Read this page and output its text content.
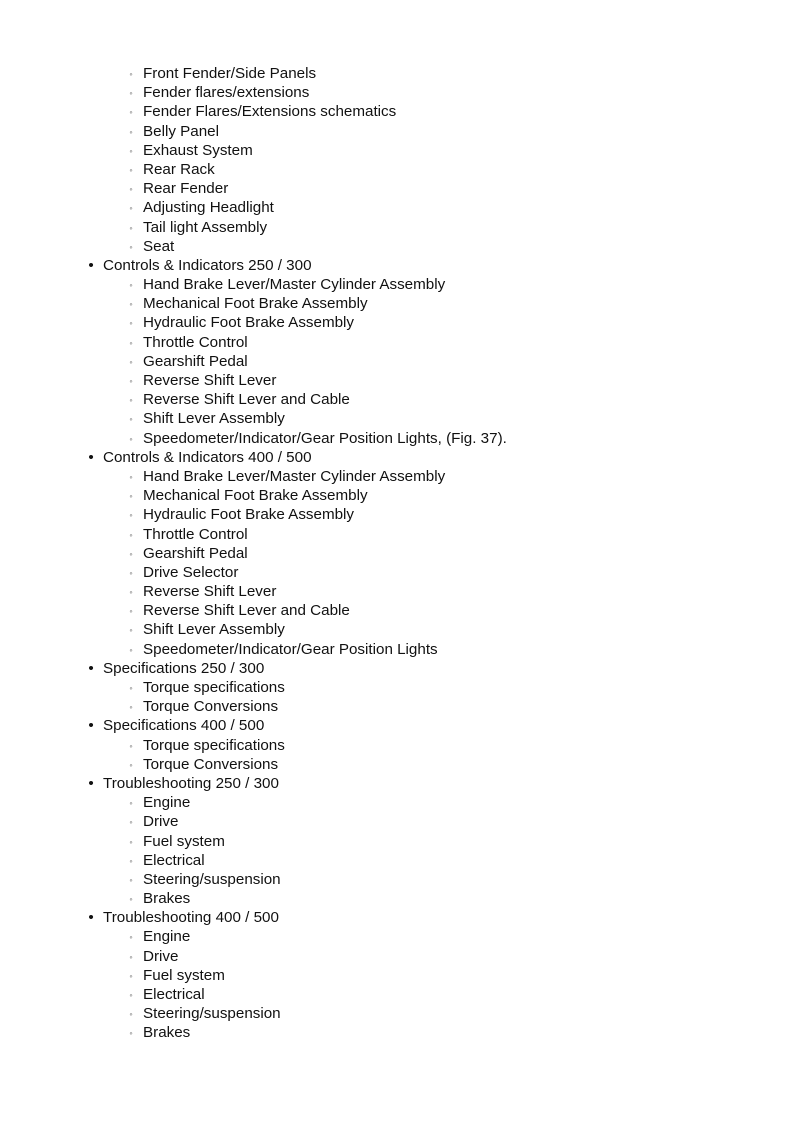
◦ Front Fender/Side Panels
◦ Fender flares/extensions
◦ Fender Flares/Extensions schematics
◦ Belly Panel
◦ Exhaust System
◦ Rear Rack
◦ Rear Fender
◦ Adjusting Headlight
◦ Tail light Assembly
◦ Seat
• Controls & Indicators 250 / 300
◦ Hand Brake Lever/Master Cylinder Assembly
◦ Mechanical Foot Brake Assembly
◦ Hydraulic Foot Brake Assembly
◦ Throttle Control
◦ Gearshift Pedal
◦ Reverse Shift Lever
◦ Reverse Shift Lever and Cable
◦ Shift Lever Assembly
◦ Speedometer/Indicator/Gear Position Lights, (Fig. 37).
• Controls & Indicators 400 / 500
◦ Hand Brake Lever/Master Cylinder Assembly
◦ Mechanical Foot Brake Assembly
◦ Hydraulic Foot Brake Assembly
◦ Throttle Control
◦ Gearshift Pedal
◦ Drive Selector
◦ Reverse Shift Lever
◦ Reverse Shift Lever and Cable
◦ Shift Lever Assembly
◦ Speedometer/Indicator/Gear Position Lights
• Specifications 250 / 300
◦ Torque specifications
◦ Torque Conversions
• Specifications 400 / 500
◦ Torque specifications
◦ Torque Conversions
• Troubleshooting 250 / 300
◦ Engine
◦ Drive
◦ Fuel system
◦ Electrical
◦ Steering/suspension
◦ Brakes
• Troubleshooting 400 / 500
◦ Engine
◦ Drive
◦ Fuel system
◦ Electrical
◦ Steering/suspension
◦ Brakes
